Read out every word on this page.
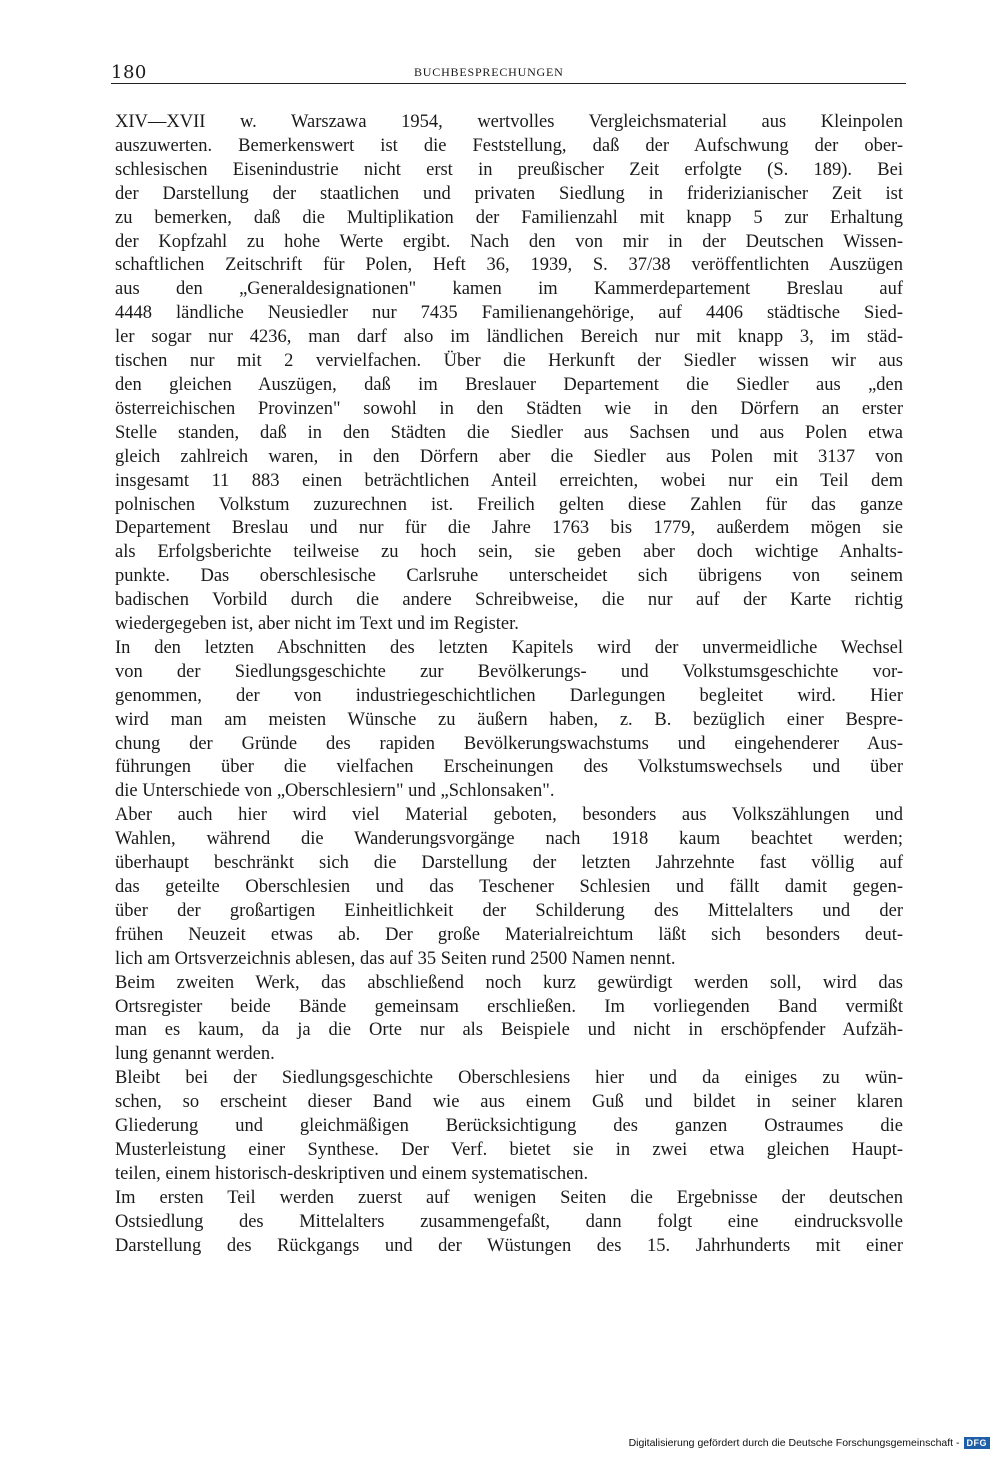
180	BUCHBESPRECHUNGEN
XIV—XVII w. Warszawa 1954, wertvolles Vergleichsmaterial aus Kleinpolen
auszuwerten. Bemerkenswert ist die Feststellung, daß der Aufschwung der ober-
schlesischen Eisenindustrie nicht erst in preußischer Zeit erfolgte (S. 189). Bei
der Darstellung der staatlichen und privaten Siedlung in friderizianischer Zeit ist
zu bemerken, daß die Multiplikation der Familienzahl mit knapp 5 zur Erhaltung
der Kopfzahl zu hohe Werte ergibt. Nach den von mir in der Deutschen Wissen-
schaftlichen Zeitschrift für Polen, Heft 36, 1939, S. 37/38 veröffentlichten Auszügen
aus den „Generaldesignationen" kamen im Kammerdepartement Breslau auf
4448 ländliche Neusiedler nur 7435 Familienangehörige, auf 4406 städtische Sied-
ler sogar nur 4236, man darf also im ländlichen Bereich nur mit knapp 3, im städ-
tischen nur mit 2 vervielfachen. Über die Herkunft der Siedler wissen wir aus
den gleichen Auszügen, daß im Breslauer Departement die Siedler aus „den
österreichischen Provinzen" sowohl in den Städten wie in den Dörfern an erster
Stelle standen, daß in den Städten die Siedler aus Sachsen und aus Polen etwa
gleich zahlreich waren, in den Dörfern aber die Siedler aus Polen mit 3137 von
insgesamt 11 883 einen beträchtlichen Anteil erreichten, wobei nur ein Teil dem
polnischen Volkstum zuzurechnen ist. Freilich gelten diese Zahlen für das ganze
Departement Breslau und nur für die Jahre 1763 bis 1779, außerdem mögen sie
als Erfolgsberichte teilweise zu hoch sein, sie geben aber doch wichtige Anhalts-
punkte. Das oberschlesische Carlsruhe unterscheidet sich übrigens von seinem
badischen Vorbild durch die andere Schreibweise, die nur auf der Karte richtig
wiedergegeben ist, aber nicht im Text und im Register.
In den letzten Abschnitten des letzten Kapitels wird der unvermeidliche Wechsel
von der Siedlungsgeschichte zur Bevölkerungs- und Volkstumsgeschichte vor-
genommen, der von industriegeschichtlichen Darlegungen begleitet wird. Hier
wird man am meisten Wünsche zu äußern haben, z. B. bezüglich einer Bespre-
chung der Gründe des rapiden Bevölkerungswachstums und eingehenderer Aus-
führungen über die vielfachen Erscheinungen des Volkstumswechsels und über
die Unterschiede von „Oberschlesiern" und „Schlonsaken".
Aber auch hier wird viel Material geboten, besonders aus Volkszählungen und
Wahlen, während die Wanderungsvorgänge nach 1918 kaum beachtet werden;
überhaupt beschränkt sich die Darstellung der letzten Jahrzehnte fast völlig auf
das geteilte Oberschlesien und das Teschener Schlesien und fällt damit gegen-
über der großartigen Einheitlichkeit der Schilderung des Mittelalters und der
frühen Neuzeit etwas ab. Der große Materialreichtum läßt sich besonders deut-
lich am Ortsverzeichnis ablesen, das auf 35 Seiten rund 2500 Namen nennt.
Beim zweiten Werk, das abschließend noch kurz gewürdigt werden soll, wird das
Ortsregister beide Bände gemeinsam erschließen. Im vorliegenden Band vermißt
man es kaum, da ja die Orte nur als Beispiele und nicht in erschöpfender Aufzäh-
lung genannt werden.
Bleibt bei der Siedlungsgeschichte Oberschlesiens hier und da einiges zu wün-
schen, so erscheint dieser Band wie aus einem Guß und bildet in seiner klaren
Gliederung und gleichmäßigen Berücksichtigung des ganzen Ostraumes die
Musterleistung einer Synthese. Der Verf. bietet sie in zwei etwa gleichen Haupt-
teilen, einem historisch-deskriptiven und einem systematischen.
Im ersten Teil werden zuerst auf wenigen Seiten die Ergebnisse der deutschen
Ostsiedlung des Mittelalters zusammengefaßt, dann folgt eine eindrucksvolle
Darstellung des Rückgangs und der Wüstungen des 15. Jahrhunderts mit einer
Digitalisierung gefördert durch die Deutsche Forschungsgemeinschaft - DFG
